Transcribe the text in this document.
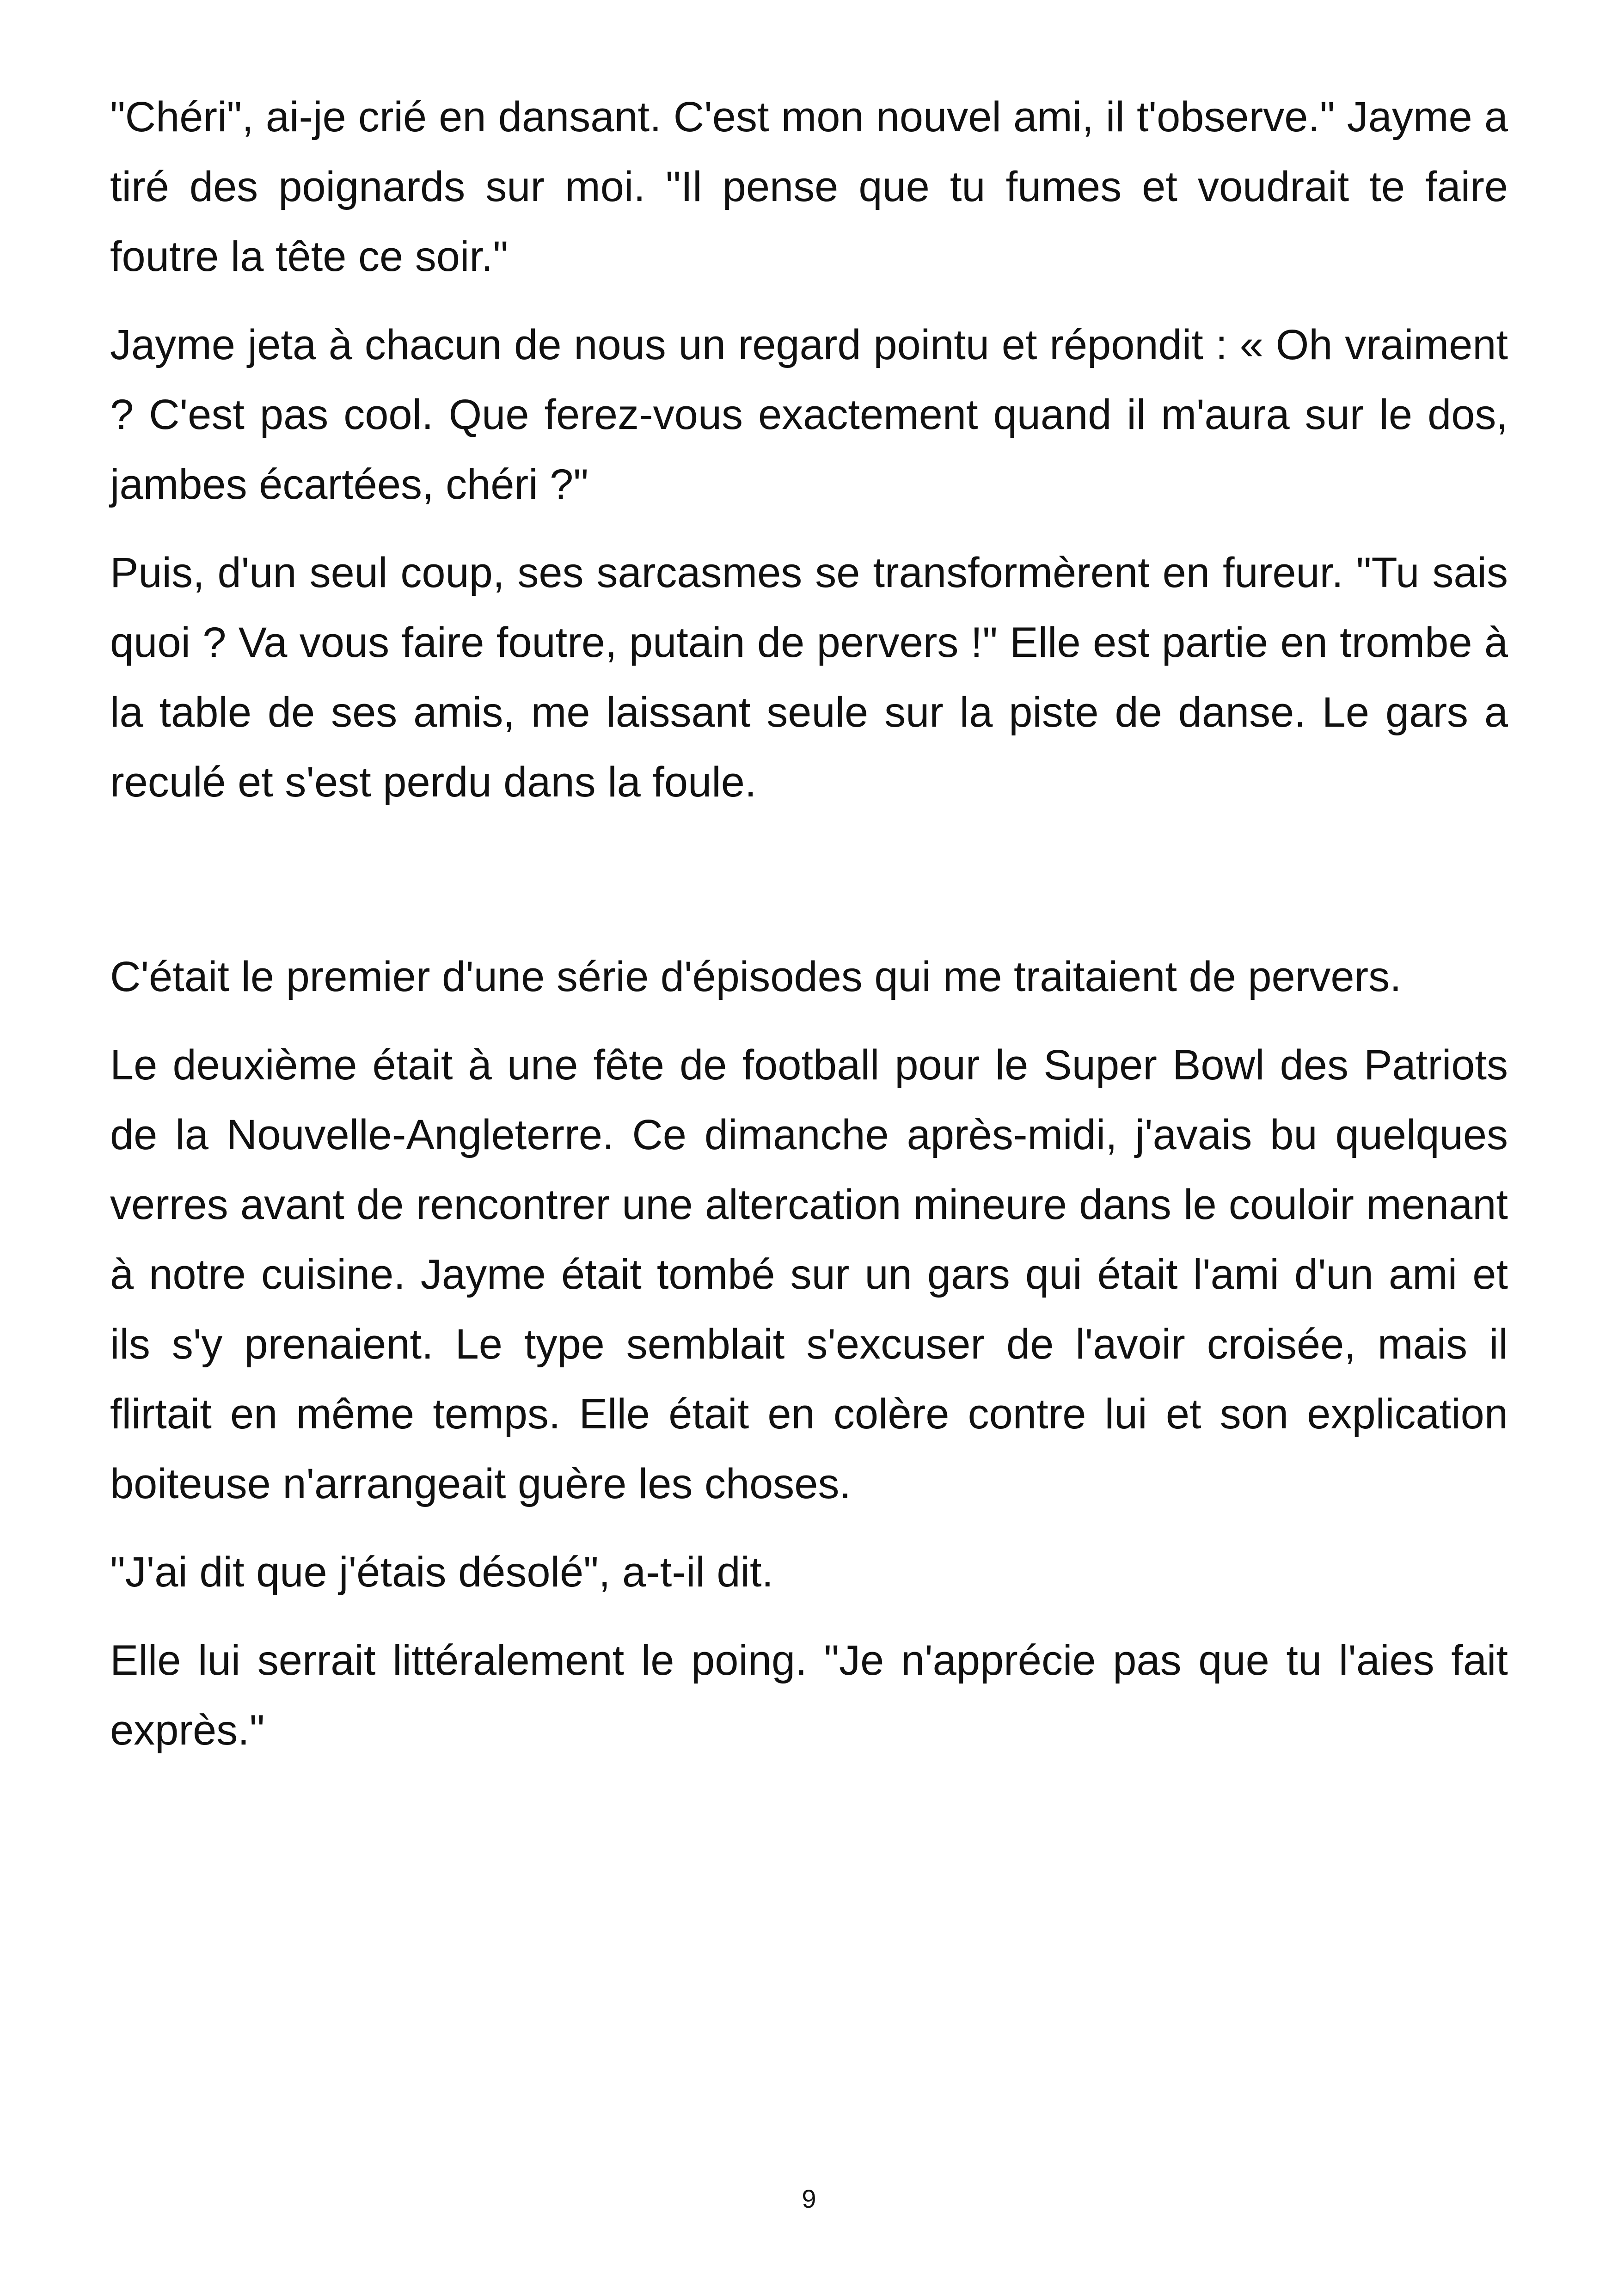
"Chéri", ai-je crié en dansant. C'est mon nouvel ami, il t'observe." Jayme a tiré des poignards sur moi. "Il pense que tu fumes et voudrait te faire foutre la tête ce soir."

Jayme jeta à chacun de nous un regard pointu et répondit : « Oh vraiment ? C'est pas cool. Que ferez-vous exactement quand il m'aura sur le dos, jambes écartées, chéri ?"

Puis, d'un seul coup, ses sarcasmes se transformèrent en fureur. "Tu sais quoi ? Va vous faire foutre, putain de pervers !" Elle est partie en trombe à la table de ses amis, me laissant seule sur la piste de danse. Le gars a reculé et s'est perdu dans la foule.

C'était le premier d'une série d'épisodes qui me traitaient de pervers.

Le deuxième était à une fête de football pour le Super Bowl des Patriots de la Nouvelle-Angleterre. Ce dimanche après-midi, j'avais bu quelques verres avant de rencontrer une altercation mineure dans le couloir menant à notre cuisine. Jayme était tombé sur un gars qui était l'ami d'un ami et ils s'y prenaient. Le type semblait s'excuser de l'avoir croisée, mais il flirtait en même temps. Elle était en colère contre lui et son explication boiteuse n'arrangeait guère les choses.

"J'ai dit que j'étais désolé", a-t-il dit.

Elle lui serrait littéralement le poing. "Je n'apprécie pas que tu l'aies fait exprès."

9
